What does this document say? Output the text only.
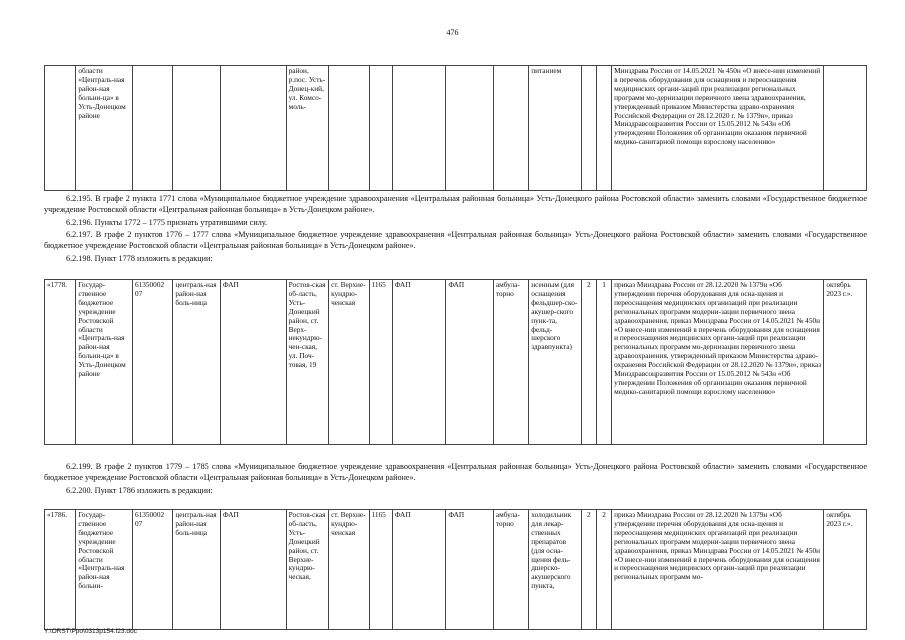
476
	области «Централь-ная район-ная больни-ца» в Усть-Донецком районе				район, р.пос. Усть-Донец-кий, ул. Комсо-моль-						питанием			Минздрава России от 14.05.2021 № 450н «О внесе-нии изменений в перечень оборудования для оснащения и переоснащения медицинских органи-заций при реализации региональных программ мо-дернизации первичного звена здравоохранения, утвержденный приказом Министерства здраво-охранения Российской Федерации от 28.12.2020 г. № 1379н», приказ Минздравсоцразвития России от 15.05.2012 № 543н «Об утверждении Положения об организации оказания первичной медико-санитарной помощи взрослому населению»	

6.2.195. В графе 2 пункта 1771 слова «Муниципальное бюджетное учреждение здравоохранения «Центральная районная больница» Усть-Донецкого района Ростовской области» заменить словами «Государственное бюджетное учреждение Ростовской области «Центральная районная больница» в Усть-Донецком районе».

6.2.196. Пункты 1772 – 1775 признать утратившими силу.

6.2.197. В графе 2 пунктов 1776 – 1777 слова «Муниципальное бюджетное учреждение здравоохранения «Центральная районная больница» Усть-Донецкого района Ростовской области» заменить словами «Государственное бюджетное учреждение Ростовской области «Центральная районная больница» в Усть-Донецком районе».

6.2.198. Пункт 1778 изложить в редакции:

«1778.	Государ-ственное бюджетное учреждение Ростовской области «Централь-ная район-ная больни-ца» в Усть-Донецком районе	61350002 07	централь-ная район-ная боль-ница	ФАП	Ростов-ская об-ласть, Усть-Донецкий район, ст. Верх-некундрю-чен-ская, ул. Поч-товая, 19	ст. Верхне-кундрю-ченская	1165	ФАП	ФАП	амбула-торно	нсенным (для оснащения фельдшер-ско-акушер-ского пунк-та, фельд-шерского здравпункта)	2	1	приказ Минздрава России от 28.12.2020 № 1379н «Об утверждении перечня оборудования для осна-щения и переоснащения медицинских организаций при реализации региональных программ модерни-зации первичного звена здравоохранения, приказ Минздрава России от 14.05.2021 № 450н «О внесе-нии изменений в перечень оборудования для оснащения и переоснащения медицинских органи-заций при реализации региональных программ мо-дернизации первичного звена здравоохранения, утвержденный приказом Министерства здраво-охранения Российской Федерации от 28.12.2020 № 1379н», приказ Минздравсоцразвития России от 15.05.2012 № 543н «Об утверждении Положения об организации оказания первичной медико-санитарной помощи взрослому населению»	октябрь 2023 г.».

6.2.199. В графе 2 пунктов 1779 – 1785 слова «Муниципальное бюджетное учреждение здравоохранения «Центральная районная больница» Усть-Донецкого района Ростовской области» заменить словами «Государственное бюджетное учреждение Ростовской области «Центральная районная больница» в Усть-Донецком районе».

6.2.200. Пункт 1786 изложить в редакции:

«1786.	Государ-ственное бюджетное учреждение Ростовской области «Централь-ная район-ная больни-	61350002 07	централь-ная район-ная боль-ница	ФАП	Ростов-ская об-ласть, Усть-Донецкий район, ст. Верхне-кундрю-ческая,	ст. Верхне-кундрю-ченская	1165	ФАП	ФАП	амбула-торно	холодильник для лекар-ственных препаратов (для осна-щения фель-дшерско-акушерского пункта,	2	2	приказ Минздрава России от 28.12.2020 № 1379н «Об утверждении перечня оборудования для осна-щения и переоснащения медицинских организаций при реализации региональных программ модерни-зации первичного звена здравоохранения, приказ Минздрава России от 14.05.2021 № 450н «О внесе-нии изменений в перечень оборудования для оснащения и переоснащения медицинских органи-заций при реализации региональных программ мо-	октябрь 2023 г.».
Y:\ORST\Ppo\0313p154.f23.doc
